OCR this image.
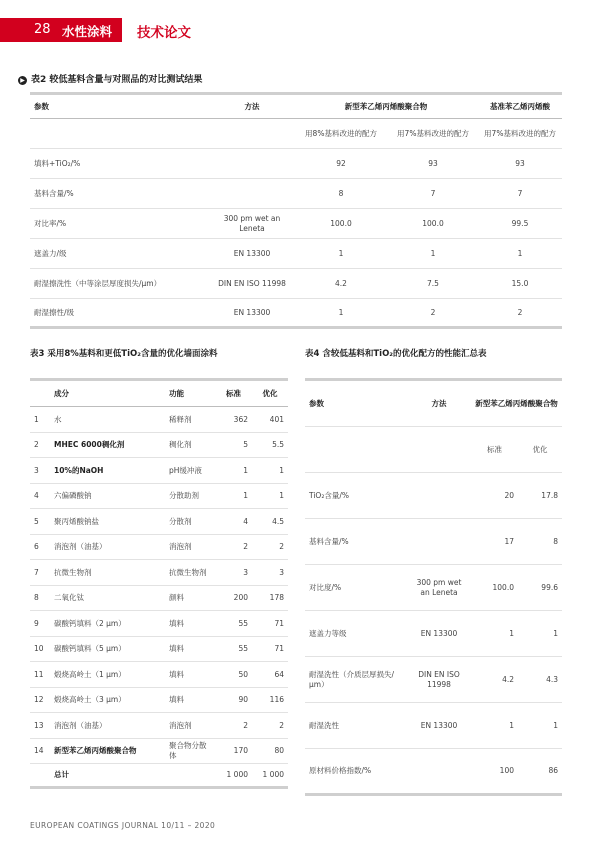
28 水性涂料 技术论文
▶ 表2 较低基料含量与对照品的对比测试结果
参数	方法	新型苯乙烯丙烯酸聚合物		基准苯乙烯丙烯酸
		用8%基料改进的配方	用7%基料改进的配方	用7%基料改进的配方
填料+TiO₂/%		92	93	93
基料含量/%		8	7	7
对比率/%	300 pm wet an Leneta	100.0	100.0	99.5
遮盖力/级	EN 13300	1	1	1
耐湿擦洗性（中等涂层厚度损失/µm）	DIN EN ISO 11998	4.2	7.5	15.0
耐湿擦性/级	EN 13300	1	2	2
表3 采用8%基料和更低TiO₂含量的优化墙面涂料
	成分	功能	标准	优化
1	水	稀释剂	362	401
2	MHEC 6000稠化剂	稠化剂	5	5.5
3	10%的NaOH	pH缓冲液	1	1
4	六偏磷酸钠	分散助剂	1	1
5	聚丙烯酸钠盐	分散剂	4	4.5
6	消泡剂（油基）	消泡剂	2	2
7	抗微生物剂	抗微生物剂	3	3
8	二氧化钛	颜料	200	178
9	碳酸钙填料（2 µm）	填料	55	71
10	碳酸钙填料（5 µm）	填料	55	71
11	煅烧高岭土（1 µm）	填料	50	64
12	煅烧高岭土（3 µm）	填料	90	116
13	消泡剂（油基）	消泡剂	2	2
14	新型苯乙烯丙烯酸聚合物	聚合物分散体	170	80
	总计		1 000	1 000
表4 含较低基料和TiO₂的优化配方的性能汇总表
参数	方法	新型苯乙烯丙烯酸聚合物	
		标准	优化
TiO₂含量/%		20	17.8
基料含量/%		17	8
对比度/%	300 pm wet an Leneta	100.0	99.6
遮盖力等级	EN 13300	1	1
耐湿洗性（介质层厚损失/µm）	DIN EN ISO 11998	4.2	4.3
耐湿洗性	EN 13300	1	1
原材料价格指数/%		100	86
EUROPEAN COATINGS JOURNAL 10/11 – 2020
